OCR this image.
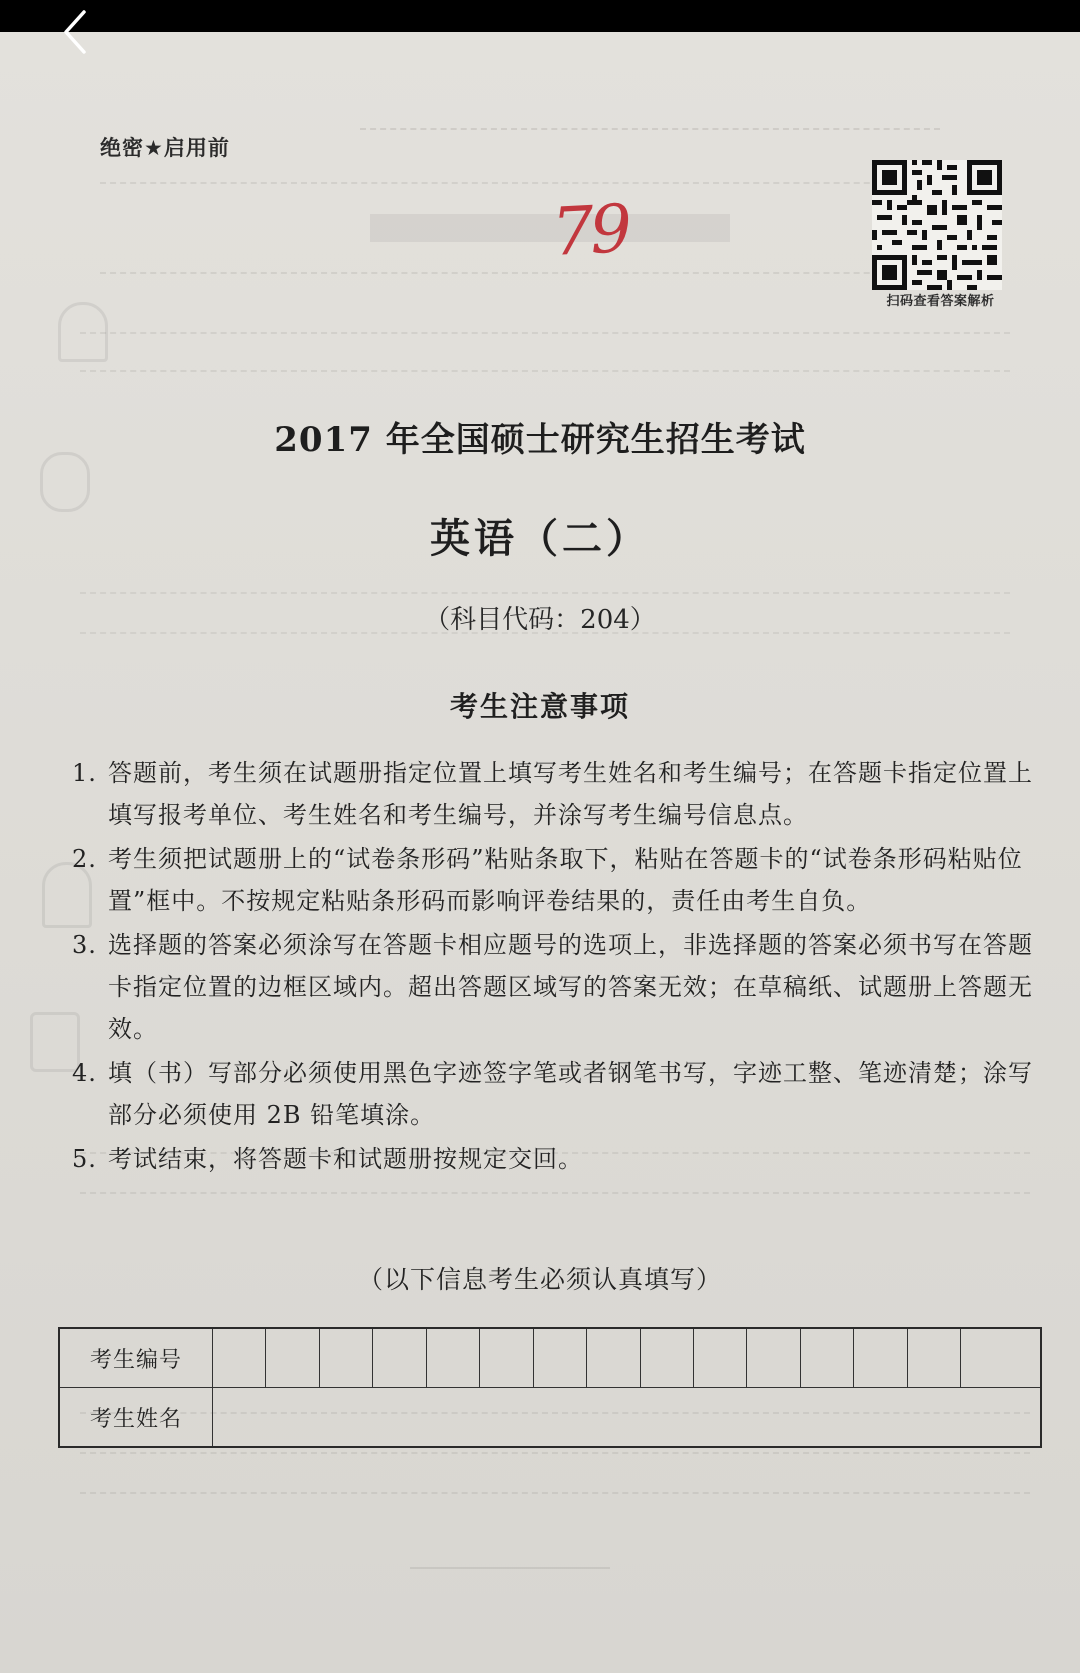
绝密★启用前
79
扫码查看答案解析
2017 年全国硕士研究生招生考试
英语（二）
（科目代码：204）
考生注意事项
1. 答题前，考生须在试题册指定位置上填写考生姓名和考生编号；在答题卡指定位置上填写报考单位、考生姓名和考生编号，并涂写考生编号信息点。
2. 考生须把试题册上的“试卷条形码”粘贴条取下，粘贴在答题卡的“试卷条形码粘贴位置”框中。不按规定粘贴条形码而影响评卷结果的，责任由考生自负。
3. 选择题的答案必须涂写在答题卡相应题号的选项上，非选择题的答案必须书写在答题卡指定位置的边框区域内。超出答题区域写的答案无效；在草稿纸、试题册上答题无效。
4. 填（书）写部分必须使用黑色字迹签字笔或者钢笔书写，字迹工整、笔迹清楚；涂写部分必须使用 2B 铅笔填涂。
5. 考试结束，将答题卡和试题册按规定交回。
（以下信息考生必须认真填写）
考生编号															
考生姓名															
